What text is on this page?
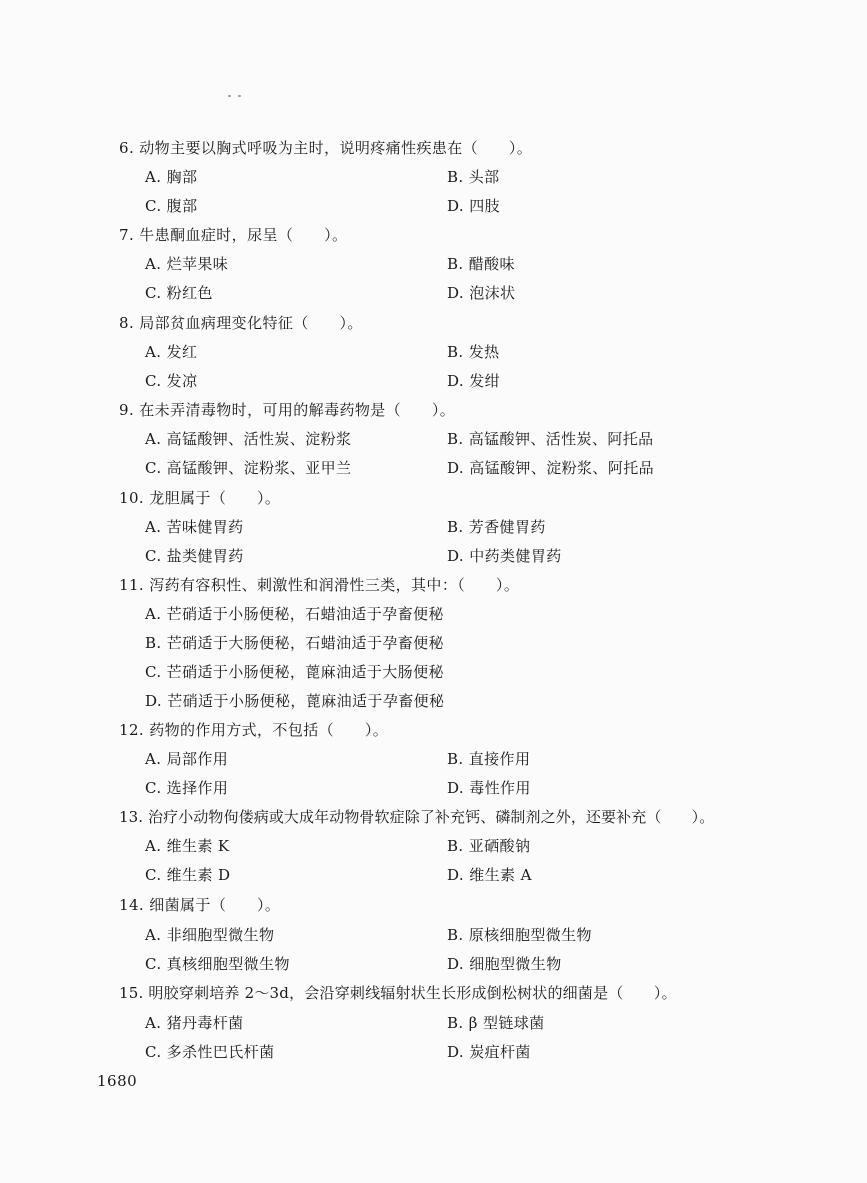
6. 动物主要以胸式呼吸为主时，说明疼痛性疾患在（　　）。
A. 胸部	B. 头部
C. 腹部	D. 四肢
7. 牛患酮血症时，尿呈（　　）。
A. 烂苹果味	B. 醋酸味
C. 粉红色	D. 泡沫状
8. 局部贫血病理变化特征（　　）。
A. 发红	B. 发热
C. 发凉	D. 发绀
9. 在未弄清毒物时，可用的解毒药物是（　　）。
A. 高锰酸钾、活性炭、淀粉浆	B. 高锰酸钾、活性炭、阿托品
C. 高锰酸钾、淀粉浆、亚甲兰	D. 高锰酸钾、淀粉浆、阿托品
10. 龙胆属于（　　）。
A. 苦味健胃药	B. 芳香健胃药
C. 盐类健胃药	D. 中药类健胃药
11. 泻药有容积性、刺激性和润滑性三类，其中：（　　）。
A. 芒硝适于小肠便秘，石蜡油适于孕畜便秘
B. 芒硝适于大肠便秘，石蜡油适于孕畜便秘
C. 芒硝适于小肠便秘，蓖麻油适于大肠便秘
D. 芒硝适于小肠便秘，蓖麻油适于孕畜便秘
12. 药物的作用方式，不包括（　　）。
A. 局部作用	B. 直接作用
C. 选择作用	D. 毒性作用
13. 治疗小动物佝偻病或大成年动物骨软症除了补充钙、磷制剂之外，还要补充（　　）。
A. 维生素 K	B. 亚硒酸钠
C. 维生素 D	D. 维生素 A
14. 细菌属于（　　）。
A. 非细胞型微生物	B. 原核细胞型微生物
C. 真核细胞型微生物	D. 细胞型微生物
15. 明胶穿刺培养 2～3d，会沿穿刺线辐射状生长形成倒松树状的细菌是（　　）。
A. 猪丹毒杆菌	B. β 型链球菌
C. 多杀性巴氏杆菌	D. 炭疽杆菌
1680
